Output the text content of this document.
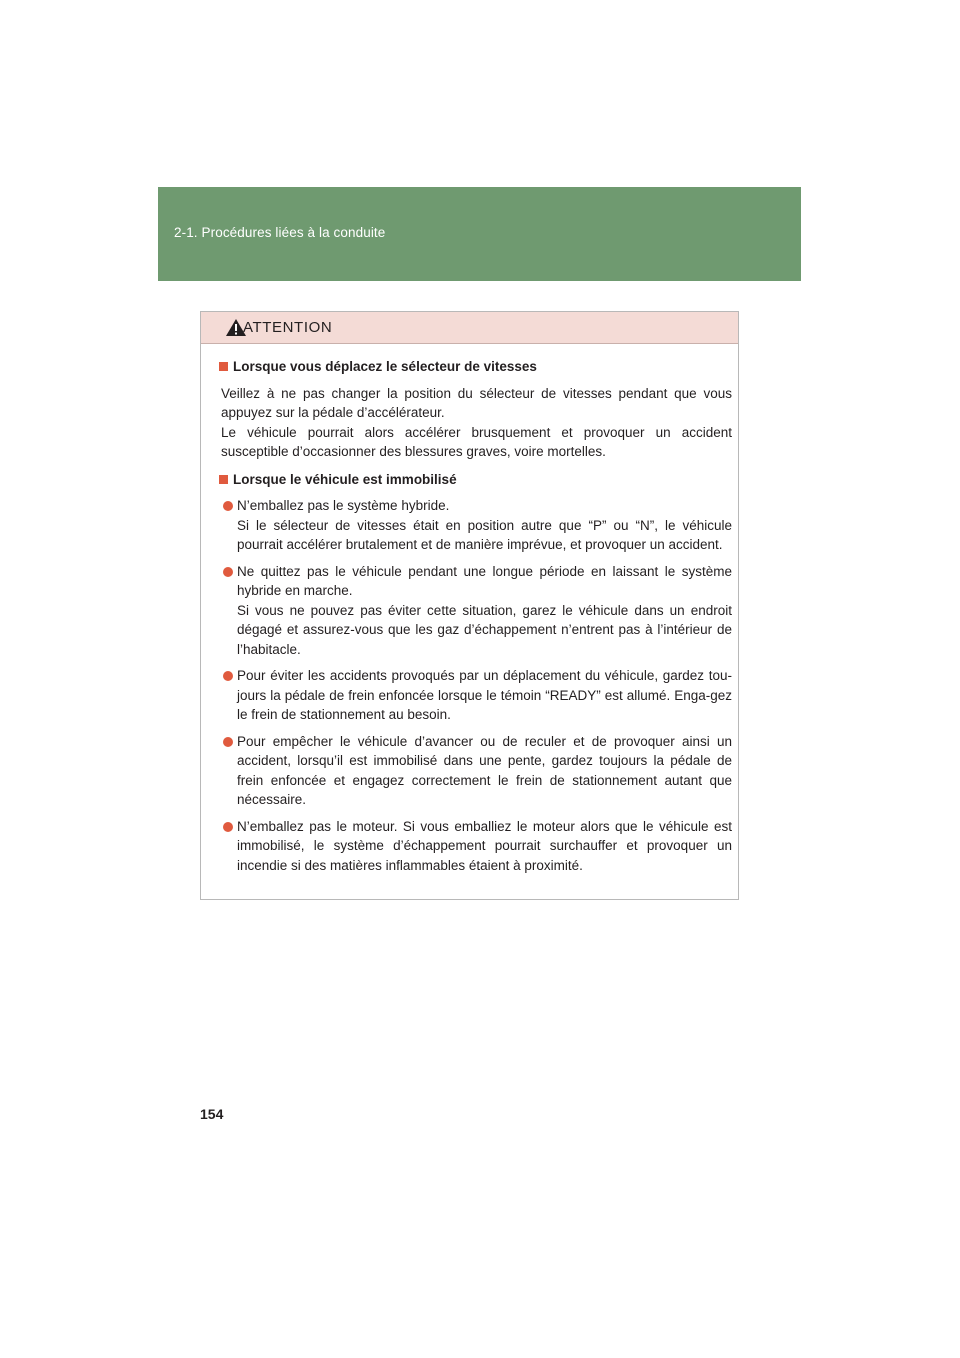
2-1. Procédures liées à la conduite
ATTENTION
Lorsque vous déplacez le sélecteur de vitesses

Veillez à ne pas changer la position du sélecteur de vitesses pendant que vous appuyez sur la pédale d’accélérateur.

Le véhicule pourrait alors accélérer brusquement et provoquer un accident susceptible d’occasionner des blessures graves, voire mortelles.

Lorsque le véhicule est immobilisé

N’emballez pas le système hybride.

Si le sélecteur de vitesses était en position autre que “P” ou “N”, le véhicule pourrait accélérer brutalement et de manière imprévue, et provoquer un accident.

Ne quittez pas le véhicule pendant une longue période en laissant le système hybride en marche.

Si vous ne pouvez pas éviter cette situation, garez le véhicule dans un endroit dégagé et assurez-vous que les gaz d’échappement n’entrent pas à l’intérieur de l’habitacle.

Pour éviter les accidents provoqués par un déplacement du véhicule, gardez tou-jours la pédale de frein enfoncée lorsque le témoin “READY” est allumé. Enga-gez le frein de stationnement au besoin.

Pour empêcher le véhicule d’avancer ou de reculer et de provoquer ainsi un accident, lorsqu’il est immobilisé dans une pente, gardez toujours la pédale de frein enfoncée et engagez correctement le frein de stationnement autant que nécessaire.

N’emballez pas le moteur. Si vous emballiez le moteur alors que le véhicule est immobilisé, le système d’échappement pourrait surchauffer et provoquer un incendie si des matières inflammables étaient à proximité.

154
